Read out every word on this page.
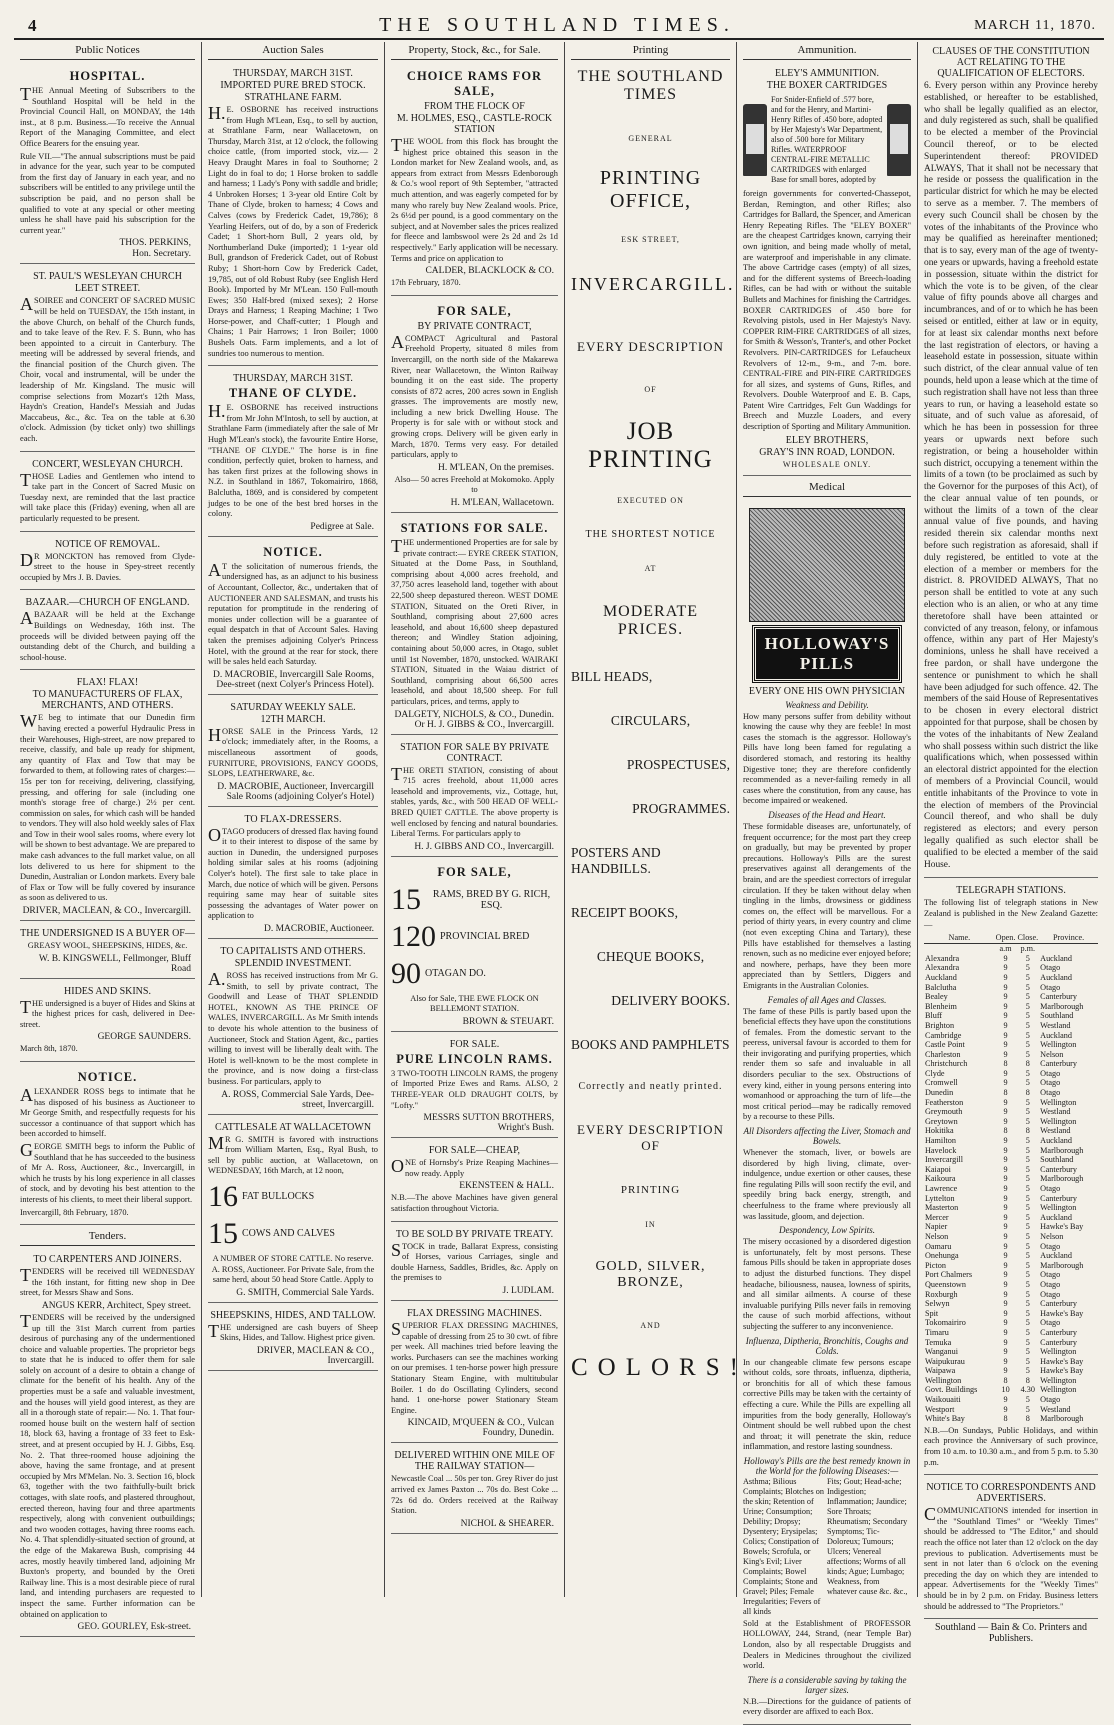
4	THE SOUTHLAND TIMES.	MARCH 11, 1870.
Public Notices
HOSPITAL.
THE Annual Meeting of Subscribers to the Southland Hospital will be held in the Provincial Council Hall, on MONDAY, the 14th inst., at 8 p.m. Business.—To receive the Annual Report of the Managing Committee, and elect Office Bearers for the ensuing year.
Rule VII.—"The annual subscriptions must be paid in advance for the year, such year to be computed from the first day of January in each year, and no subscribers will be entitled to any privilege until the subscription be paid, and no person shall be qualified to vote at any special or other meeting unless he shall have paid his subscription for the current year."
THOS. PERKINS,
Hon. Secretary.
ST. PAUL'S WESLEYAN CHURCH
LEET STREET.
ASOIREE and CONCERT OF SACRED MUSIC will be held on TUESDAY, the 15th instant, in the above Church, on behalf of the Church funds, and to take leave of the Rev. F. S. Bunn, who has been appointed to a circuit in Canterbury. The meeting will be addressed by several friends, and the financial position of the Church given. The Choir, vocal and instrumental, will be under the leadership of Mr. Kingsland. The music will comprise selections from Mozart's 12th Mass, Haydn's Creation, Handel's Messiah and Judas Maccabeus, &c., &c. Tea on the table at 6.30 o'clock. Admission (by ticket only) two shillings each.
CONCERT, WESLEYAN CHURCH.
THOSE Ladies and Gentlemen who intend to take part in the Concert of Sacred Music on Tuesday next, are reminded that the last practice will take place this (Friday) evening, when all are particularly requested to be present.
NOTICE OF REMOVAL.
DR MONCKTON has removed from Clyde-street to the house in Spey-street recently occupied by Mrs J. B. Davies.
BAZAAR.—CHURCH OF ENGLAND.
ABAZAAR will be held at the Exchange Buildings on Wednesday, 16th inst. The proceeds will be divided between paying off the outstanding debt of the Church, and building a school-house.
FLAX! FLAX!
TO MANUFACTURERS OF FLAX, MERCHANTS, AND OTHERS.
WE beg to intimate that our Dunedin firm having erected a powerful Hydraulic Press in their Warehouses, High-street, are now prepared to receive, classify, and bale up ready for shipment, any quantity of Flax and Tow that may be forwarded to them, at following rates of charges:— 15s per ton for receiving, delivering, classifying, pressing, and offering for sale (including one month's storage free of charge.) 2½ per cent. commission on sales, for which cash will be handed to vendors. They will also hold weekly sales of Flax and Tow in their wool sales rooms, where every lot will be shown to best advantage. We are prepared to make cash advances to the full market value, on all lots delivered to us here for shipment to the Dunedin, Australian or London markets. Every bale of Flax or Tow will be fully covered by insurance as soon as delivered to us.
DRIVER, MACLEAN, & CO., Invercargill.
THE UNDERSIGNED IS A BUYER OF—
GREASY WOOL, SHEEPSKINS, HIDES, &c.
W. B. KINGSWELL, Fellmonger, Bluff Road
HIDES AND SKINS.
THE undersigned is a buyer of Hides and Skins at the highest prices for cash, delivered in Dee-street.
GEORGE SAUNDERS.
March 8th, 1870.
NOTICE.
ALEXANDER ROSS begs to intimate that he has disposed of his business as Auctioneer to Mr George Smith, and respectfully requests for his successor a continuance of that support which has been accorded to himself.
GEORGE SMITH begs to inform the Public of Southland that he has succeeded to the business of Mr A. Ross, Auctioneer, &c., Invercargill, in which he trusts by his long experience in all classes of stock, and by devoting his best attention to the interests of his clients, to meet their liberal support.
Invercargill, 8th February, 1870.
Tenders.
TO CARPENTERS AND JOINERS.
TENDERS will be received till WEDNESDAY the 16th instant, for fitting new shop in Dee street, for Messrs Shaw and Sons.
ANGUS KERR, Architect, Spey street.
TENDERS will be received by the undersigned up till the 31st March current from parties desirous of purchasing any of the undermentioned choice and valuable properties. The proprietor begs to state that he is induced to offer them for sale solely on account of a desire to obtain a change of climate for the benefit of his health. Any of the properties must be a safe and valuable investment, and the houses will yield good interest, as they are all in a thorough state of repair:— No. 1. That four-roomed house built on the western half of section 18, block 63, having a frontage of 33 feet to Esk-street, and at present occupied by H. J. Gibbs, Esq. No. 2. That three-roomed house adjoining the above, having the same frontage, and at present occupied by Mrs M'Melan. No. 3. Section 16, block 63, together with the two faithfully-built brick cottages, with slate roofs, and plastered throughout, erected thereon, having four and three apartments respectively, along with convenient outbuildings; and two wooden cottages, having three rooms each. No. 4. That splendidly-situated section of ground, at the edge of the Makarewa Bush, comprising 44 acres, mostly heavily timbered land, adjoining Mr Buxton's property, and bounded by the Oreti Railway line. This is a most desirable piece of rural land, and intending purchasers are requested to inspect the same. Further information can be obtained on application to
GEO. GOURLEY, Esk-street.
Auction Sales
THURSDAY, MARCH 31ST.
IMPORTED PURE BRED STOCK.
STRATHLANE FARM.
H.E. OSBORNE has received instructions from Hugh M'Lean, Esq., to sell by auction, at Strathlane Farm, near Wallacetown, on Thursday, March 31st, at 12 o'clock, the following choice cattle, (from imported stock, viz.— 2 Heavy Draught Mares in foal to Southorne; 2 Light do in foal to do; 1 Horse broken to saddle and harness; 1 Lady's Pony with saddle and bridle; 4 Unbroken Horses; 1 3-year old Entire Colt by Thane of Clyde, broken to harness; 4 Cows and Calves (cows by Frederick Cadet, 19,786); 8 Yearling Heifers, out of do, by a son of Frederick Cadet; 1 Short-horn Bull, 2 years old, by Northumberland Duke (imported); 1 1-year old Bull, grandson of Frederick Cadet, out of Robust Ruby; 1 Short-horn Cow by Frederick Cadet, 19,785, out of old Robust Ruby (see English Herd Book). Imported by Mr M'Lean. 150 Full-mouth Ewes; 350 Half-bred (mixed sexes); 2 Horse Drays and Harness; 1 Reaping Machine; 1 Two Horse-power, and Chaff-cutter; 1 Plough and Chains; 1 Pair Harrows; 1 Iron Boiler; 1000 Bushels Oats. Farm implements, and a lot of sundries too numerous to mention.
THURSDAY, MARCH 31ST.
THANE OF CLYDE.
H.E. OSBORNE has received instructions from Mr John M'Intosh, to sell by auction, at Strathlane Farm (immediately after the sale of Mr Hugh M'Lean's stock), the favourite Entire Horse, "THANE OF CLYDE." The horse is in fine condition, perfectly quiet, broken to harness, and has taken first prizes at the following shows in N.Z. in Southland in 1867, Tokomairiro, 1868, Balclutha, 1869, and is considered by competent judges to be one of the best bred horses in the colony.
Pedigree at Sale.
NOTICE.
AT the solicitation of numerous friends, the undersigned has, as an adjunct to his business of Accountant, Collector, &c., undertaken that of AUCTIONEER AND SALESMAN, and trusts his reputation for promptitude in the rendering of monies under collection will be a guarantee of equal despatch in that of Account Sales. Having taken the premises adjoining Colyer's Princess Hotel, with the ground at the rear for stock, there will be sales held each Saturday.
D. MACROBIE, Invercargill Sale Rooms, Dee-street (next Colyer's Princess Hotel).
SATURDAY WEEKLY SALE.
12TH MARCH.
HORSE SALE in the Princess Yards, 12 o'clock; immediately after, in the Rooms, a miscellaneous assortment of goods, FURNITURE, PROVISIONS, FANCY GOODS, SLOPS, LEATHERWARE, &c.
D. MACROBIE, Auctioneer, Invercargill Sale Rooms (adjoining Colyer's Hotel)
TO FLAX-DRESSERS.
OTAGO producers of dressed flax having found it to their interest to dispose of the same by auction in Dunedin, the undersigned purposes holding similar sales at his rooms (adjoining Colyer's hotel). The first sale to take place in March, due notice of which will be given. Persons requiring same may hear of suitable sites possessing the advantages of Water power on application to
D. MACROBIE, Auctioneer.
TO CAPITALISTS AND OTHERS.
SPLENDID INVESTMENT.
A.ROSS has received instructions from Mr G. Smith, to sell by private contract, The Goodwill and Lease of THAT SPLENDID HOTEL, KNOWN AS THE PRINCE OF WALES, INVERCARGILL. As Mr Smith intends to devote his whole attention to the business of Auctioneer, Stock and Station Agent, &c., parties willing to invest will be liberally dealt with. The Hotel is well-known to be the most complete in the province, and is now doing a first-class business. For particulars, apply to
A. ROSS, Commercial Sale Yards, Dee-street, Invercargill.
CATTLESALE AT WALLACETOWN
MR G. SMITH is favored with instructions from William Marten, Esq., Ryal Bush, to sell by public auction, at Wallacetown, on WEDNESDAY, 16th March, at 12 noon,
16 FAT BULLOCKS
15 COWS AND CALVES
A NUMBER OF STORE CATTLE. No reserve. A. ROSS, Auctioneer. For Private Sale, from the same herd, about 50 head Store Cattle. Apply to
G. SMITH, Commercial Sale Yards.
SHEEPSKINS, HIDES, AND TALLOW.
THE undersigned are cash buyers of Sheep Skins, Hides, and Tallow. Highest price given.
DRIVER, MACLEAN & CO., Invercargill.
Property, Stock, &c., for Sale.
CHOICE RAMS FOR SALE,
FROM THE FLOCK OF
M. HOLMES, ESQ., CASTLE-ROCK STATION
THE WOOL from this flock has brought the highest price obtained this season in the London market for New Zealand wools, and, as appears from extract from Messrs Edenborough & Co.'s wool report of 9th September, "attracted much attention, and was eagerly competed for by many who rarely buy New Zealand wools. Price, 2s 6½d per pound, is a good commentary on the subject, and at November sales the prices realized for fleece and lambswool were 2s 2d and 2s 1d respectively." Early application will be necessary. Terms and price on application to
CALDER, BLACKLOCK & CO.
17th February, 1870.
FOR SALE,
BY PRIVATE CONTRACT,
ACOMPACT Agricultural and Pastoral Freehold Property, situated 8 miles from Invercargill, on the north side of the Makarewa River, near Wallacetown, the Winton Railway bounding it on the east side. The property consists of 872 acres, 200 acres sown in English grasses. The improvements are mostly new, including a new brick Dwelling House. The Property is for sale with or without stock and growing crops. Delivery will be given early in March, 1870. Terms very easy. For detailed particulars, apply to
H. M'LEAN, On the premises.
Also— 50 acres Freehold at Mokomoko. Apply to
H. M'LEAN, Wallacetown.
STATIONS FOR SALE.
THE undermentioned Properties are for sale by private contract:— EYRE CREEK STATION, Situated at the Dome Pass, in Southland, comprising about 4,000 acres freehold, and 37,750 acres leasehold land, together with about 22,500 sheep depastured thereon. WEST DOME STATION, Situated on the Oreti River, in Southland, comprising about 27,600 acres leasehold, and about 16,600 sheep depastured thereon; and Windley Station adjoining, containing about 50,000 acres, in Otago, sublet until 1st November, 1870, unstocked. WAIRAKI STATION, Situated in the Waiau district of Southland, comprising about 66,500 acres leasehold, and about 18,500 sheep. For full particulars, prices, and terms, apply to
DALGETY, NICHOLS, & CO., Dunedin. Or H. J. GIBBS & CO., Invercargill.
STATION FOR SALE BY PRIVATE CONTRACT.
THE ORETI STATION, consisting of about 715 acres freehold, about 11,000 acres leasehold and improvements, viz., Cottage, hut, stables, yards, &c., with 500 HEAD OF WELL-BRED QUIET CATTLE. The above property is well enclosed by fencing and natural boundaries. Liberal Terms. For particulars apply to
H. J. GIBBS AND CO., Invercargill.
FOR SALE,
15	RAMS, BRED BY G. RICH, ESQ.
120 PROVINCIAL BRED
90 OTAGAN DO.
Also for Sale, THE EWE FLOCK ON BELLEMONT STATION.
BROWN & STEUART.
FOR SALE.
PURE LINCOLN RAMS.
3 TWO-TOOTH LINCOLN RAMS, the progeny of Imported Prize Ewes and Rams. ALSO, 2 THREE-YEAR OLD DRAUGHT COLTS, by "Lofty."
MESSRS SUTTON BROTHERS, Wright's Bush.
FOR SALE—CHEAP,
ONE of Hornsby's Prize Reaping Machines—now ready. Apply
EKENSTEEN & HALL.
N.B.—The above Machines have given general satisfaction throughout Victoria.
TO BE SOLD BY PRIVATE TREATY.
STOCK in trade, Ballarat Express, consisting of Horses, various Carriages, single and double Harness, Saddles, Bridles, &c. Apply on the premises to
J. LUDLAM.
FLAX DRESSING MACHINES.
SUPERIOR FLAX DRESSING MACHINES, capable of dressing from 25 to 30 cwt. of fibre per week. All machines tried before leaving the works. Purchasers can see the machines working on our premises. 1 ten-horse power high pressure Stationary Steam Engine, with multitubular Boiler. 1 do do Oscillating Cylinders, second hand. 1 one-horse power Stationary Steam Engine.
KINCAID, M'QUEEN & CO., Vulcan Foundry, Dunedin.
DELIVERED WITHIN ONE MILE OF THE RAILWAY STATION—
Newcastle Coal ... 50s per ton. Grey River do just arrived ex James Paxton ... 70s do. Best Coke ... 72s 6d do. Orders received at the Railway Station.
NICHOL & SHEARER.
Printing
THE SOUTHLAND TIMES
GENERAL
PRINTING OFFICE,
ESK STREET,
INVERCARGILL.
EVERY DESCRIPTION
OF
JOB PRINTING
EXECUTED ON
THE SHORTEST NOTICE
AT
MODERATE PRICES.
BILL HEADS,
CIRCULARS,
PROSPECTUSES,
PROGRAMMES.
POSTERS AND HANDBILLS.
RECEIPT BOOKS,
CHEQUE BOOKS,
DELIVERY BOOKS.
BOOKS AND PAMPHLETS
Correctly and neatly printed.
EVERY DESCRIPTION OF
PRINTING
IN
GOLD, SILVER, BRONZE,
AND
COLORS!
Ammunition.
ELEY'S AMMUNITION.
THE BOXER CARTRIDGES
For Snider-Enfield of .577 bore, and for the Henry, and Martini-Henry Rifles of .450 bore, adopted by Her Majesty's War Department, also of .500 bore for Military Rifles. WATERPROOF CENTRAL-FIRE METALLIC CARTRIDGES with enlarged Base for small bores, adopted by
foreign governments for converted-Chassepot, Berdan, Remington, and other Rifles; also Cartridges for Ballard, the Spencer, and American Henry Repeating Rifles. The "ELEY BOXER" are the cheapest Cartridges known, carrying their own ignition, and being made wholly of metal, are waterproof and imperishable in any climate. The above Cartridge cases (empty) of all sizes, and for the different systems of Breech-loading Rifles, can be had with or without the suitable Bullets and Machines for finishing the Cartridges. BOXER CARTRIDGES of .450 bore for Revolving pistols, used in Her Majesty's Navy. COPPER RIM-FIRE CARTRIDGES of all sizes, for Smith & Wesson's, Tranter's, and other Pocket Revolvers. PIN-CARTRIDGES for Lefaucheux Revolvers of 12-m., 9-m., and 7-m. bore. CENTRAL-FIRE and PIN-FIRE CARTRIDGES for all sizes, and systems of Guns, Rifles, and Revolvers. Double Waterproof and E. B. Caps, Patent Wire Cartridges, Felt Gun Waddings for Breech and Muzzle Loaders, and every description of Sporting and Military Ammunition.
ELEY BROTHERS,
GRAY'S INN ROAD, LONDON.
WHOLESALE ONLY.
Medical
HOLLOWAY'S PILLS
EVERY ONE HIS OWN PHYSICIAN
Weakness and Debility.
How many persons suffer from debility without knowing the cause why they are feeble! In most cases the stomach is the aggressor. Holloway's Pills have long been famed for regulating a disordered stomach, and restoring its healthy Digestive tone; they are therefore confidently recommended as a never-failing remedy in all cases where the constitution, from any cause, has become impaired or weakened.
Diseases of the Head and Heart.
These formidable diseases are, unfortunately, of frequent occurrence; for the most part they creep on gradually, but may be prevented by proper precautions. Holloway's Pills are the surest preservatives against all derangements of the brain, and are the speediest correctors of irregular circulation. If they be taken without delay when tingling in the limbs, drowsiness or giddiness comes on, the effect will be marvellous. For a period of thirty years, in every country and clime (not even excepting China and Tartary), these Pills have established for themselves a lasting renown, such as no medicine ever enjoyed before; and nowhere, perhaps, have they been more appreciated than by Settlers, Diggers and Emigrants in the Australian Colonies.
Females of all Ages and Classes.
The fame of these Pills is partly based upon the beneficial effects they have upon the constitutions of females. From the domestic servant to the peeress, universal favour is accorded to them for their invigorating and purifying properties, which render them so safe and invaluable in all disorders peculiar to the sex. Obstructions of every kind, either in young persons entering into womanhood or approaching the turn of life—the most critical period—may be radically removed by a recourse to these Pills.
All Disorders affecting the Liver, Stomach and Bowels.
Whenever the stomach, liver, or bowels are disordered by high living, climate, over-indulgence, undue exertion or other causes, these fine regulating Pills will soon rectify the evil, and speedily bring back energy, strength, and cheerfulness to the frame where previously all was lassitude, gloom, and dejection.
Despondency, Low Spirits.
The misery occasioned by a disordered digestion is unfortunately, felt by most persons. These famous Pills should be taken in appropriate doses to adjust the disturbed functions. They dispel headache, biliousness, nausea, lowness of spirits, and all similar ailments. A course of these invaluable purifying Pills never fails in removing the cause of such morbid affections, without subjecting the sufferer to any inconvenience.
Influenza, Diptheria, Bronchitis, Coughs and Colds.
In our changeable climate few persons escape without colds, sore throats, influenza, diptheria, or bronchitis for all of which these famous corrective Pills may be taken with the certainty of effecting a cure. While the Pills are expelling all impurities from the body generally, Holloway's Ointment should be well rubbed upon the chest and throat; it will penetrate the skin, reduce inflammation, and restore lasting soundness.
Holloway's Pills are the best remedy known in the World for the following Diseases:—
Asthma; Bilious Complaints; Blotches on the skin; Retention of Urine; Consumption; Debility; Dropsy; Dysentery; Erysipelas; Colics; Constipation of Bowels; Scrofula, or King's Evil; Liver Complaints; Bowel Complaints; Stone and Gravel; Piles; Female Irregularities; Fevers of all kinds
Fits; Gout; Head-ache; Indigestion; Inflammation; Jaundice; Sore Throats; Rheumatism; Secondary Symptoms; Tic-Doloreux; Tumours; Ulcers; Venereal affections; Worms of all kinds; Ague; Lumbago; Weakness, from whatever cause &c. &c.,
Sold at the Establishment of PROFESSOR HOLLOWAY, 244, Strand, (near Temple Bar) London, also by all respectable Druggists and Dealers in Medicines throughout the civilized world.
There is a considerable saving by taking the larger sizes.
N.B.—Directions for the guidance of patients of every disorder are affixed to each Box.
CLAUSES OF THE CONSTITUTION ACT RELATING TO THE QUALIFICATION OF ELECTORS.
6. Every person within any Province hereby established, or hereafter to be established, who shall be legally qualified as an elector, and duly registered as such, shall be qualified to be elected a member of the Provincial Council thereof, or to be elected Superintendent thereof: PROVIDED ALWAYS, That it shall not be necessary that he reside or possess the qualification in the particular district for which he may be elected to serve as a member. 7. The members of every such Council shall be chosen by the votes of the inhabitants of the Province who may be qualified as hereinafter mentioned; that is to say, every man of the age of twenty-one years or upwards, having a freehold estate in possession, situate within the district for which the vote is to be given, of the clear value of fifty pounds above all charges and incumbrances, and of or to which he has been seised or entitled, either at law or in equity, for at least six calendar months next before the last registration of electors, or having a leasehold estate in possession, situate within such district, of the clear annual value of ten pounds, held upon a lease which at the time of such registration shall have not less than three years to run, or having a leasehold estate so situate, and of such value as aforesaid, of which he has been in possession for three years or upwards next before such registration, or being a householder within such district, occupying a tenement within the limits of a town (to be proclaimed as such by the Governor for the purposes of this Act), of the clear annual value of ten pounds, or without the limits of a town of the clear annual value of five pounds, and having resided therein six calendar months next before such registration as aforesaid, shall if duly registered, be entitled to vote at the election of a member or members for the district. 8. PROVIDED ALWAYS, That no person shall be entitled to vote at any such election who is an alien, or who at any time theretofore shall have been attainted or convicted of any treason, felony, or infamous offence, within any part of Her Majesty's dominions, unless he shall have received a free pardon, or shall have undergone the sentence or punishment to which he shall have been adjudged for such offence. 42. The members of the said House of Representatives to be chosen in every electoral district appointed for that purpose, shall be chosen by the votes of the inhabitants of New Zealand who shall possess within such district the like qualifications which, when possessed within an electoral district appointed for the election of members of a Provincial Council, would entitle inhabitants of the Province to vote in the election of members of the Provincial Council thereof, and who shall be duly registered as electors; and every person legally qualified as such elector shall be qualified to be elected a member of the said House.
TELEGRAPH STATIONS.
The following list of telegraph stations in New Zealand is published in the New Zealand Gazette:—
Name.	Open.	Close.	Province.
	a.m	p.m.	
Alexandra	9	5	Auckland
Alexandra	9	5	Otago
Auckland	9	5	Auckland
Balclutha	9	5	Otago
Bealey	9	5	Canterbury
Blenheim	9	5	Marlborough
Bluff	9	5	Southland
Brighton	9	5	Westland
Cambridge	9	5	Auckland
Castle Point	9	5	Wellington
Charleston	9	5	Nelson
Christchurch	8	8	Canterbury
Clyde	9	5	Otago
Cromwell	9	5	Otago
Dunedin	8	8	Otago
Featherston	9	5	Wellington
Greymouth	9	5	Westland
Greytown	9	5	Wellington
Hokitika	8	8	Westland
Hamilton	9	5	Auckland
Havelock	9	5	Marlborough
Invercargill	9	5	Southland
Kaiapoi	9	5	Canterbury
Kaikoura	9	5	Marlborough
Lawrence	9	5	Otago
Lyttelton	9	5	Canterbury
Masterton	9	5	Wellington
Mercer	9	5	Auckland
Napier	9	5	Hawke's Bay
Nelson	9	5	Nelson
Oamaru	9	5	Otago
Onehunga	9	5	Auckland
Picton	9	5	Marlborough
Port Chalmers	9	5	Otago
Queenstown	9	5	Otago
Roxburgh	9	5	Otago
Selwyn	9	5	Canterbury
Spit	9	5	Hawke's Bay
Tokomairiro	9	5	Otago
Timaru	9	5	Canterbury
Temuka	9	5	Canterbury
Wanganui	9	5	Wellington
Waipukurau	9	5	Hawke's Bay
Waipawa	9	5	Hawke's Bay
Wellington	8	8	Wellington
Govt. Buildings	10	4.30	Wellington
Waikouaiti	9	5	Otago
Westport	9	5	Westland
White's Bay	8	8	Marlborough
N.B.—On Sundays, Public Holidays, and within each province the Anniversary of such province, from 10 a.m. to 10.30 a.m., and from 5 p.m. to 5.30 p.m.
NOTICE TO CORRESPONDENTS AND ADVERTISERS.
COMMUNICATIONS intended for insertion in the "Southland Times" or "Weekly Times" should be addressed to "The Editor," and should reach the office not later than 12 o'clock on the day previous to publication. Advertisements must be sent in not later than 6 o'clock on the evening preceding the day on which they are intended to appear. Advertisements for the "Weekly Times" should be in by 2 p.m. on Friday. Business letters should be addressed to "The Proprietors."
Southland — Bain & Co. Printers and Publishers.
